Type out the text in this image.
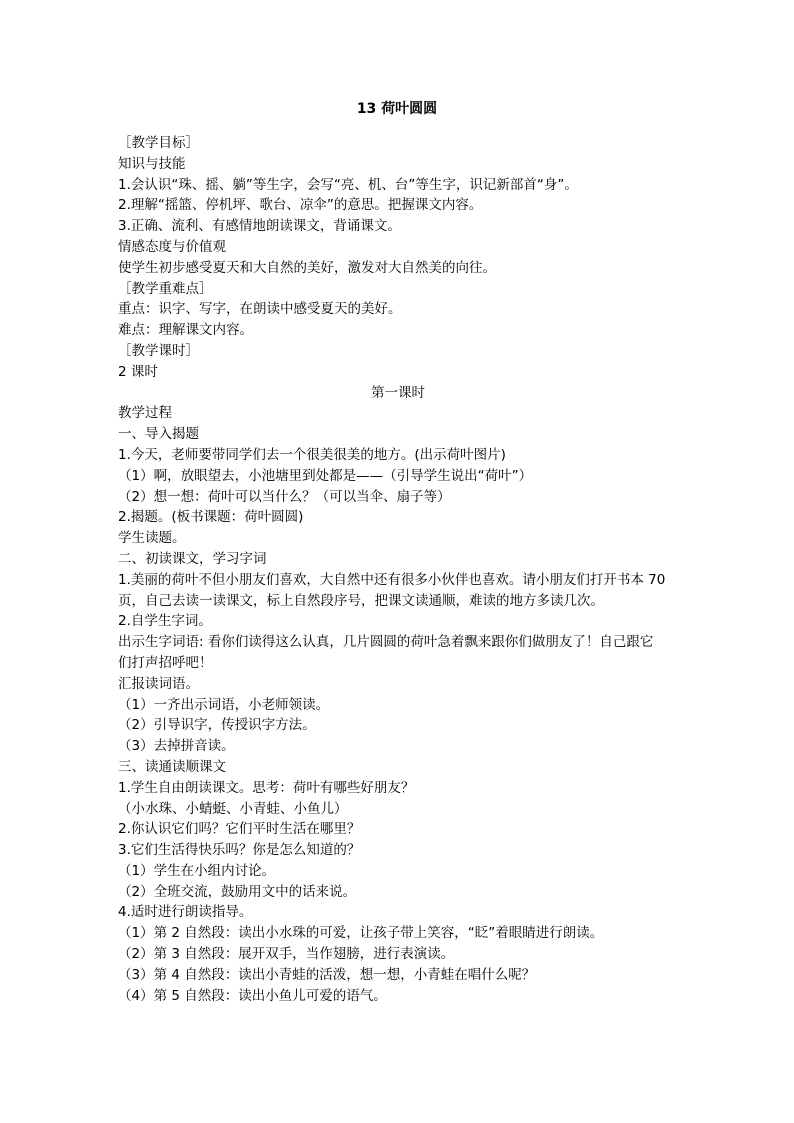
13 荷叶圆圆
［教学目标］
知识与技能
1.会认识“珠、摇、躺”等生字，会写“亮、机、台”等生字，识记新部首“身”。
2.理解“摇篮、停机坪、歌台、凉伞”的意思。把握课文内容。
3.正确、流利、有感情地朗读课文，背诵课文。
情感态度与价值观
使学生初步感受夏天和大自然的美好，激发对大自然美的向往。
［教学重难点］
重点：识字、写字，在朗读中感受夏天的美好。
难点：理解课文内容。
［教学课时］
2 课时
第一课时
教学过程
一、导入揭题
1.今天，老师要带同学们去一个很美很美的地方。(出示荷叶图片)
（1）啊，放眼望去，小池塘里到处都是——（引导学生说出“荷叶”）
（2）想一想：荷叶可以当什么？（可以当伞、扇子等）
2.揭题。(板书课题：荷叶圆圆)
学生读题。
二、初读课文，学习字词
1.美丽的荷叶不但小朋友们喜欢，大自然中还有很多小伙伴也喜欢。请小朋友们打开书本 70
页，自己去读一读课文，标上自然段序号，把课文读通顺，难读的地方多读几次。
2.自学生字词。
出示生字词语: 看你们读得这么认真，几片圆圆的荷叶急着飘来跟你们做朋友了！自己跟它
们打声招呼吧！
汇报读词语。
（1）一齐出示词语，小老师领读。
（2）引导识字，传授识字方法。
（3）去掉拼音读。
三、读通读顺课文
1.学生自由朗读课文。思考：荷叶有哪些好朋友？
（小水珠、小蜻蜓、小青蛙、小鱼儿）
2.你认识它们吗？它们平时生活在哪里？
3.它们生活得快乐吗？你是怎么知道的？
（1）学生在小组内讨论。
（2）全班交流，鼓励用文中的话来说。
4.适时进行朗读指导。
（1）第 2 自然段：读出小水珠的可爱，让孩子带上笑容，“眨”着眼睛进行朗读。
（2）第 3 自然段：展开双手，当作翅膀，进行表演读。
（3）第 4 自然段：读出小青蛙的活泼，想一想，小青蛙在唱什么呢？
（4）第 5 自然段：读出小鱼儿可爱的语气。
